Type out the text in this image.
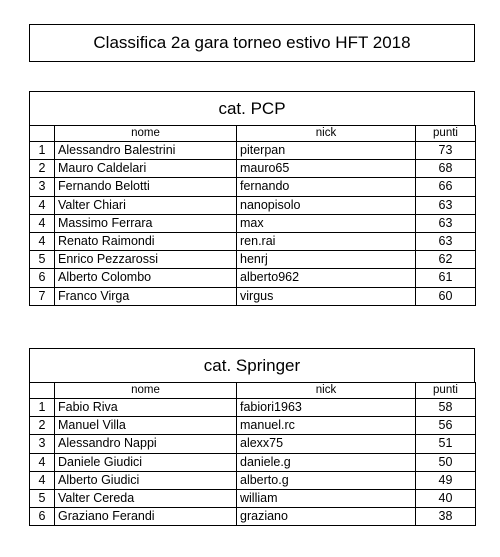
Classifica 2a gara torneo estivo HFT 2018
cat. PCP
	nome	nick	punti
1	Alessandro Balestrini	piterpan	73
2	Mauro Caldelari	mauro65	68
3	Fernando Belotti	fernando	66
4	Valter Chiari	nanopisolo	63
4	Massimo Ferrara	max	63
4	Renato Raimondi	ren.rai	63
5	Enrico Pezzarossi	henrj	62
6	Alberto Colombo	alberto962	61
7	Franco Virga	virgus	60
cat. Springer
	nome	nick	punti
1	Fabio Riva	fabiori1963	58
2	Manuel Villa	manuel.rc	56
3	Alessandro Nappi	alexx75	51
4	Daniele Giudici	daniele.g	50
4	Alberto Giudici	alberto.g	49
5	Valter Cereda	william	40
6	Graziano Ferandi	graziano	38
